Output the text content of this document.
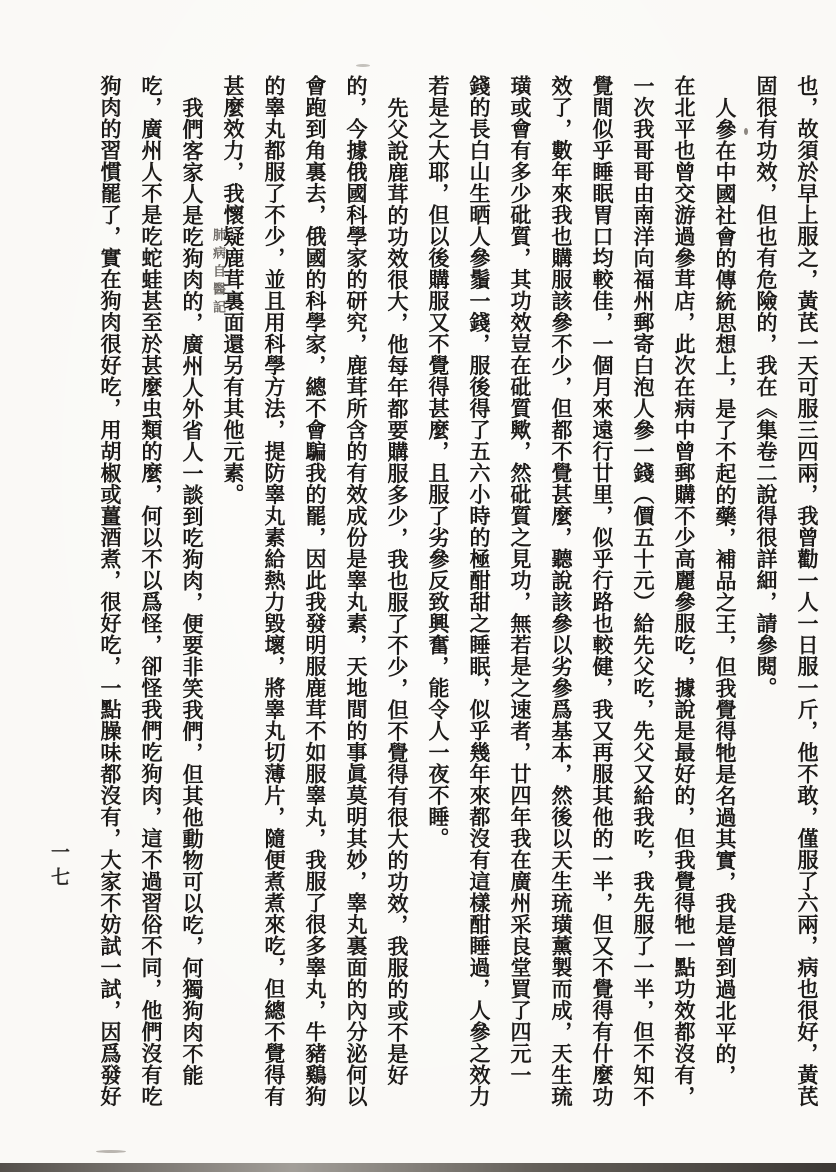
肺病自醫記	也，故須於早上服之，黃芪一天可服三四兩，我曾勸一人一日服一斤，他不敢，僅服了六兩，病也很好，黃芪
固很有功效，但也有危險的，我在《集卷二說得很詳細，請參閱。
人參在中國社會的傳統思想上，是了不起的藥，補品之王，但我覺得牠是名過其實，我是曾到過北平的，
在北平也曾交游過參茸店，此次在病中曾郵購不少高麗參服吃，據說是最好的，但我覺得牠一點功效都沒有，
一次我哥哥由南洋向福州郵寄白泡人參一錢（價五十元）給先父吃，先父又給我吃，我先服了一半，但不知不
覺間似乎睡眠胃口均較佳，一個月來遠行廿里，似乎行路也較健，我又再服其他的一半，但又不覺得有什麼功
效了，數年來我也購服該參不少，但都不覺甚麼，聽說該參以劣參爲基本，然後以天生琉璜薰製而成，天生琉
璜或會有多少砒質，其功效豈在砒質歟，然砒質之見功，無若是之速者，廿四年我在廣州采良堂買了四元一
錢的長白山生晒人參鬚一錢，服後得了五六小時的極酣甜之睡眠，似乎幾年來都沒有這樣酣睡過，人參之效力
若是之大耶，但以後購服又不覺得甚麼，且服了劣參反致興奮，能令人一夜不睡。
先父說鹿茸的功效很大，他每年都要購服多少，我也服了不少，但不覺得有很大的功效，我服的或不是好
的，今據俄國科學家的研究，鹿茸所含的有效成份是睾丸素，天地間的事眞莫明其妙，睾丸裏面的內分泌何以
會跑到角裏去，俄國的科學家，總不會騙我的罷，因此我發明服鹿茸不如服睾丸，我服了很多睾丸，牛豬鷄狗
的睾丸都服了不少，並且用科學方法，提防睾丸素給熱力毀壞，將睾丸切薄片，隨便煮煮來吃，但總不覺得有
甚麼效力，我懷疑鹿茸裏面還另有其他元素。
我們客家人是吃狗肉的，廣州人外省人一談到吃狗肉，便要非笑我們，但其他動物可以吃，何獨狗肉不能
吃，廣州人不是吃蛇蛙甚至於甚麼虫類的麼，何以不以爲怪，卻怪我們吃狗肉，這不過習俗不同，他們沒有吃
狗肉的習慣罷了，實在狗肉很好吃，用胡椒或薑酒煮，很好吃，一點臊味都沒有，大家不妨試一試，因爲發好
一七
